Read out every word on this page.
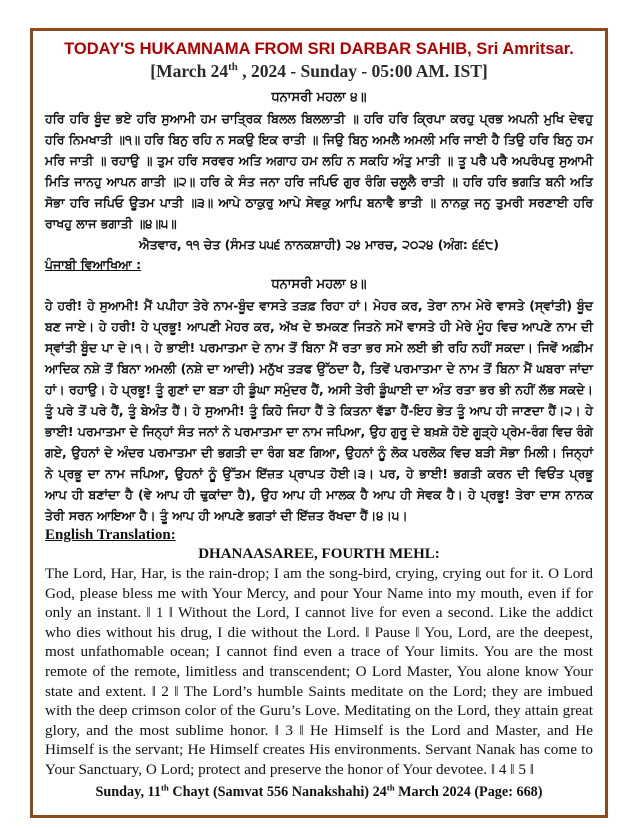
TODAY'S HUKAMNAMA FROM SRI DARBAR SAHIB, Sri Amritsar.
[March 24th , 2024 - Sunday - 05:00 AM. IST]
ਧਨਾਸਰੀ ਮਹਲਾ ੪॥
ਹਰਿ ਹਰਿ ਬੂੰਦ ਭਏ ਹਰਿ ਸੁਆਮੀ ਹਮ ਚਾਤ੍ਰਿਕ ਬਿਲਲ ਬਿਲਲਾਤੀ ॥ ਹਰਿ ਹਰਿ ਕ੍ਰਿਪਾ ਕਰਹੁ ਪ੍ਰਭ ਅਪਨੀ ਮੁਖਿ ਦੇਵਹੁ ਹਰਿ ਨਿਮਖਾਤੀ ॥੧॥ ਹਰਿ ਬਿਨੁ ਰਹਿ ਨ ਸਕਉ ਇਕ ਰਾਤੀ ॥ ਜਿਉ ਬਿਨੁ ਅਮਲੈ ਅਮਲੀ ਮਰਿ ਜਾਈ ਹੈ ਤਿਉ ਹਰਿ ਬਿਨੁ ਹਮ ਮਰਿ ਜਾਤੀ ॥ ਰਹਾਉ ॥ ਤੁਮ ਹਰਿ ਸਰਵਰ ਅਤਿ ਅਗਾਹ ਹਮ ਲਹਿ ਨ ਸਕਹਿ ਅੰਤੁ ਮਾਤੀ ॥ ਤੂ ਪਰੈ ਪਰੈ ਅਪਰੰਪਰੁ ਸੁਆਮੀ ਮਿਤਿ ਜਾਨਹੁ ਆਪਨ ਗਾਤੀ ॥੨॥ ਹਰਿ ਕੇ ਸੰਤ ਜਨਾ ਹਰਿ ਜਪਿਓ ਗੁਰ ਰੰਗਿ ਚਲੂਲੈ ਰਾਤੀ ॥ ਹਰਿ ਹਰਿ ਭਗਤਿ ਬਨੀ ਅਤਿ ਸੋਭਾ ਹਰਿ ਜਪਿਓ ਊਤਮ ਪਾਤੀ ॥੩॥ ਆਪੇ ਠਾਕੁਰੁ ਆਪੇ ਸੇਵਕੁ ਆਪਿ ਬਨਾਵੈ ਭਾਤੀ ॥ ਨਾਨਕੁ ਜਨੁ ਤੁਮਰੀ ਸਰਣਾਈ ਹਰਿ ਰਾਖਹੁ ਲਾਜ ਭਗਾਤੀ ॥੪॥੫॥
ਐਤਵਾਰ, ੧੧ ਚੇਤ (ਸੰਮਤ ੫੫੬ ਨਾਨਕਸ਼ਾਹੀ) ੨੪ ਮਾਰਚ, ੨੦੨੪ (ਅੰਗ: ੬੬੮)
ਪੰਜਾਬੀ ਵਿਆਖਿਆ :
ਧਨਾਸਰੀ ਮਹਲਾ ੪॥
ਹੇ ਹਰੀ! ਹੇ ਸੁਆਮੀ! ਮੈਂ ਪਪੀਹਾ ਤੇਰੇ ਨਾਮ-ਬੂੰਦ ਵਾਸਤੇ ਤੜਫ਼ ਰਿਹਾ ਹਾਂ। ਮੇਹਰ ਕਰ, ਤੇਰਾ ਨਾਮ ਮੇਰੇ ਵਾਸਤੇ (ਸ੍ਵਾਂਤੀ) ਬੂੰਦ ਬਣ ਜਾਏ। ਹੇ ਹਰੀ! ਹੇ ਪ੍ਰਭੂ! ਆਪਣੀ ਮੇਹਰ ਕਰ, ਅੱਖ ਦੇ ਝਮਕਣ ਜਿਤਨੇ ਸਮੇਂ ਵਾਸਤੇ ਹੀ ਮੇਰੇ ਮੂੰਹ ਵਿਚ ਆਪਣੇ ਨਾਮ ਦੀ ਸ੍ਵਾਂਤੀ ਬੂੰਦ ਪਾ ਦੇ।੧। ਹੇ ਭਾਈ! ਪਰਮਾਤਮਾ ਦੇ ਨਾਮ ਤੋਂ ਬਿਨਾ ਮੈਂ ਰਤਾ ਭਰ ਸਮੇ ਲਈ ਭੀ ਰਹਿ ਨਹੀਂ ਸਕਦਾ। ਜਿਵੇਂ ਅਫ਼ੀਮ ਆਦਿਕ ਨਸ਼ੇ ਤੋਂ ਬਿਨਾ ਅਮਲੀ (ਨਸ਼ੇ ਦਾ ਆਦੀ) ਮਨੁੱਖ ਤੜਫ ਉੱਠਦਾ ਹੈ, ਤਿਵੇਂ ਪਰਮਾਤਮਾ ਦੇ ਨਾਮ ਤੋਂ ਬਿਨਾ ਮੈਂ ਘਬਰਾ ਜਾਂਦਾ ਹਾਂ। ਰਹਾਉ। ਹੇ ਪ੍ਰਭੂ! ਤੂੰ ਗੁਣਾਂ ਦਾ ਬੜਾ ਹੀ ਡੂੰਘਾ ਸਮੁੰਦਰ ਹੈਂ, ਅਸੀ ਤੇਰੀ ਡੂੰਘਾਈ ਦਾ ਅੰਤ ਰਤਾ ਭਰ ਭੀ ਨਹੀਂ ਲੱਭ ਸਕਦੇ। ਤੂੰ ਪਰੇ ਤੋਂ ਪਰੇ ਹੈਂ, ਤੂੰ ਬੇਅੰਤ ਹੈਂ। ਹੇ ਸੁਆਮੀ! ਤੂੰ ਕਿਹੋ ਜਿਹਾ ਹੈਂ ਤੇ ਕਿਤਨਾ ਵੱਡਾ ਹੈਂ-ਇਹ ਭੇਤ ਤੂੰ ਆਪ ਹੀ ਜਾਣਦਾ ਹੈਂ।੨। ਹੇ ਭਾਈ! ਪਰਮਾਤਮਾ ਦੇ ਜਿਨ੍ਹਾਂ ਸੰਤ ਜਨਾਂ ਨੇ ਪਰਮਾਤਮਾ ਦਾ ਨਾਮ ਜਪਿਆ, ਉਹ ਗੁਰੂ ਦੇ ਬਖ਼ਸ਼ੇ ਹੋਏ ਗੂੜ੍ਹੇ ਪ੍ਰੇਮ-ਰੰਗ ਵਿਚ ਰੰਗੇ ਗਏ, ਉਹਨਾਂ ਦੇ ਅੰਦਰ ਪਰਮਾਤਮਾ ਦੀ ਭਗਤੀ ਦਾ ਰੰਗ ਬਣ ਗਿਆ, ਉਹਨਾਂ ਨੂੰ ਲੋਕ ਪਰਲੋਕ ਵਿਚ ਬੜੀ ਸੋਭਾ ਮਿਲੀ। ਜਿਨ੍ਹਾਂ ਨੇ ਪ੍ਰਭੂ ਦਾ ਨਾਮ ਜਪਿਆ, ਉਹਨਾਂ ਨੂੰ ਉੱਤਮ ਇੱਜ਼ਤ ਪ੍ਰਾਪਤ ਹੋਈ।੩। ਪਰ, ਹੇ ਭਾਈ! ਭਗਤੀ ਕਰਨ ਦੀ ਵਿਓਂਤ ਪ੍ਰਭੂ ਆਪ ਹੀ ਬਣਾਂਦਾ ਹੈ (ਵੇ ਆਪ ਹੀ ਢੁਕਾਂਦਾ ਹੈ), ਉਹ ਆਪ ਹੀ ਮਾਲਕ ਹੈ ਆਪ ਹੀ ਸੇਵਕ ਹੈ। ਹੇ ਪ੍ਰਭੂ! ਤੇਰਾ ਦਾਸ ਨਾਨਕ ਤੇਰੀ ਸਰਨ ਆਇਆ ਹੈ। ਤੂੰ ਆਪ ਹੀ ਆਪਣੇ ਭਗਤਾਂ ਦੀ ਇੱਜ਼ਤ ਰੱਖਦਾ ਹੈਂ।੪।੫।
English Translation:
DHANAASAREE, FOURTH MEHL:
The Lord, Har, Har, is the rain-drop; I am the song-bird, crying, crying out for it. O Lord God, please bless me with Your Mercy, and pour Your Name into my mouth, even if for only an instant. ‖ 1 ‖ Without the Lord, I cannot live for even a second. Like the addict who dies without his drug, I die without the Lord. ‖ Pause ‖ You, Lord, are the deepest, most unfathomable ocean; I cannot find even a trace of Your limits. You are the most remote of the remote, limitless and transcendent; O Lord Master, You alone know Your state and extent. ‖ 2 ‖ The Lord’s humble Saints meditate on the Lord; they are imbued with the deep crimson color of the Guru’s Love. Meditating on the Lord, they attain great glory, and the most sublime honor. ‖ 3 ‖ He Himself is the Lord and Master, and He Himself is the servant; He Himself creates His environments. Servant Nanak has come to Your Sanctuary, O Lord; protect and preserve the honor of Your devotee. ‖ 4 ‖ 5 ‖
Sunday, 11th Chayt (Samvat 556 Nanakshahi) 24th March 2024 (Page: 668)
